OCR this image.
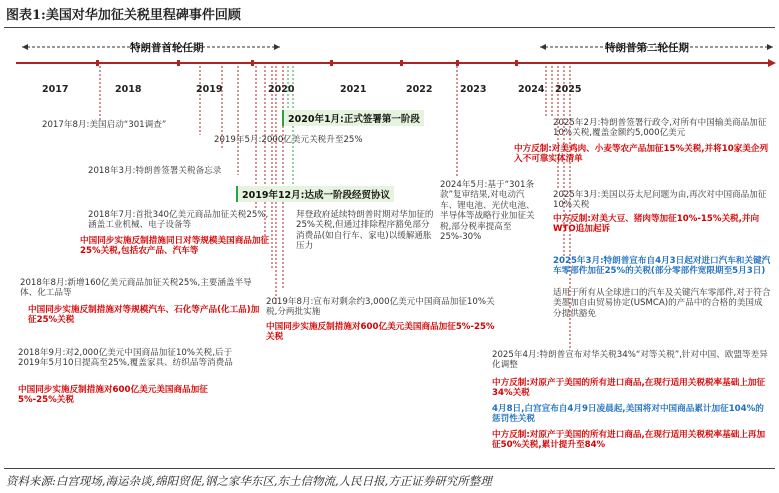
图表1:美国对华加征关税里程碑事件回顾
特朗普首轮任期	特朗普第二轮任期
2017	2018	2019	2020	2021	2022	2023	2024 2025
2017年8月:美国启动“301调查”
2018年3月:特朗普签署关税备忘录
2018年7月:首批340亿美元商品加征关税25%,涵盖工业机械、电子设备等
中国同步实施反制措施同日对等规模美国商品加征25%关税,包括农产品、汽车等
2018年8月:新增160亿美元商品加征关税25%,主要涵盖半导体、化工品等
中国同步实施反制措施对等规模汽车、石化等产品(化工品)加征25%关税
2018年9月:对2,000亿美元中国商品加征10%关税,后于2019年5月10日提高至25%,覆盖家具、纺织品等消费品
中国同步实施反制措施对600亿美元美国商品加征5%-25%关税
2020年1月:正式签署第一阶段
2019年5月:2000亿美元关税升至25%
2019年12月:达成一阶段经贸协议
拜登政府延续特朗普时期对华加征的25%关税,但通过排除程序豁免部分消费品(如自行车、家电)以缓解通胀压力
2019年8月:宣布对剩余约3,000亿美元中国商品加征10%关税,分两批实施
中国同步实施反制措施对600亿美元美国商品加征5%-25%关税
2024年5月:基于“301条款”复审结果,对电动汽车、锂电池、光伏电池、半导体等战略行业加征关税,部分税率提高至25%-30%
2025年2月:特朗普签署行政令,对所有中国输美商品加征10%关税,覆盖金额约5,000亿美元
中方反制:对美鸡肉、小麦等农产品加征15%关税,并将10家美企列入不可靠实体清单
2025年3月:美国以芬太尼问题为由,再次对中国商品加征10%关税
中方反制:对美大豆、猪肉等加征10%-15%关税,并向WTO追加起诉
2025年3月:特朗普宣布自4月3日起对进口汽车和关键汽车零部件加征25%的关税(部分零部件宽限期至5月3日)
适用于所有从全球进口的汽车及关键汽车零部件,对于符合美墨加自由贸易协定(USMCA)的产品中的合格的美国成分提供豁免
2025年4月:特朗普宣布对华关税34%“对等关税”,针对中国、欧盟等差异化调整
中方反制:对原产于美国的所有进口商品,在现行适用关税税率基础上加征34%关税
4月8日,白宫宣布自4月9日凌晨起,美国将对中国商品累计加征104%的惩罚性关税
中方反制:对原产于美国的所有进口商品,在现行适用关税税率基础上再加征50%关税,累计提升至84%
资料来源:白宫现场,海运杂谈,绵阳贸促,钢之家华东区,东土信物流,人民日报,方正证券研究所整理
